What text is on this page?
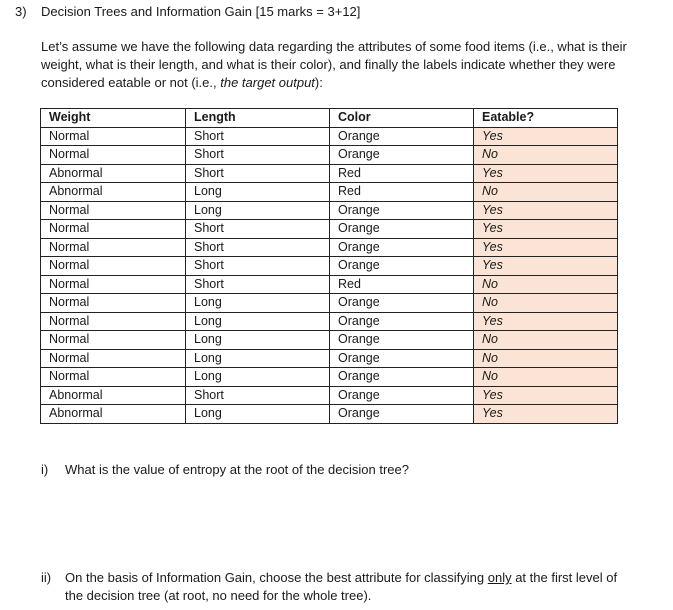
3) Decision Trees and Information Gain [15 marks = 3+12]
Let’s assume we have the following data regarding the attributes of some food items (i.e., what is their weight, what is their length, and what is their color), and finally the labels indicate whether they were considered eatable or not (i.e., the target output):
Weight	Length	Color	Eatable?
Normal	Short	Orange	Yes
Normal	Short	Orange	No
Abnormal	Short	Red	Yes
Abnormal	Long	Red	No
Normal	Long	Orange	Yes
Normal	Short	Orange	Yes
Normal	Short	Orange	Yes
Normal	Short	Orange	Yes
Normal	Short	Red	No
Normal	Long	Orange	No
Normal	Long	Orange	Yes
Normal	Long	Orange	No
Normal	Long	Orange	No
Normal	Long	Orange	No
Abnormal	Short	Orange	Yes
Abnormal	Long	Orange	Yes
i) What is the value of entropy at the root of the decision tree?
ii) On the basis of Information Gain, choose the best attribute for classifying only at the first level of the decision tree (at root, no need for the whole tree).
